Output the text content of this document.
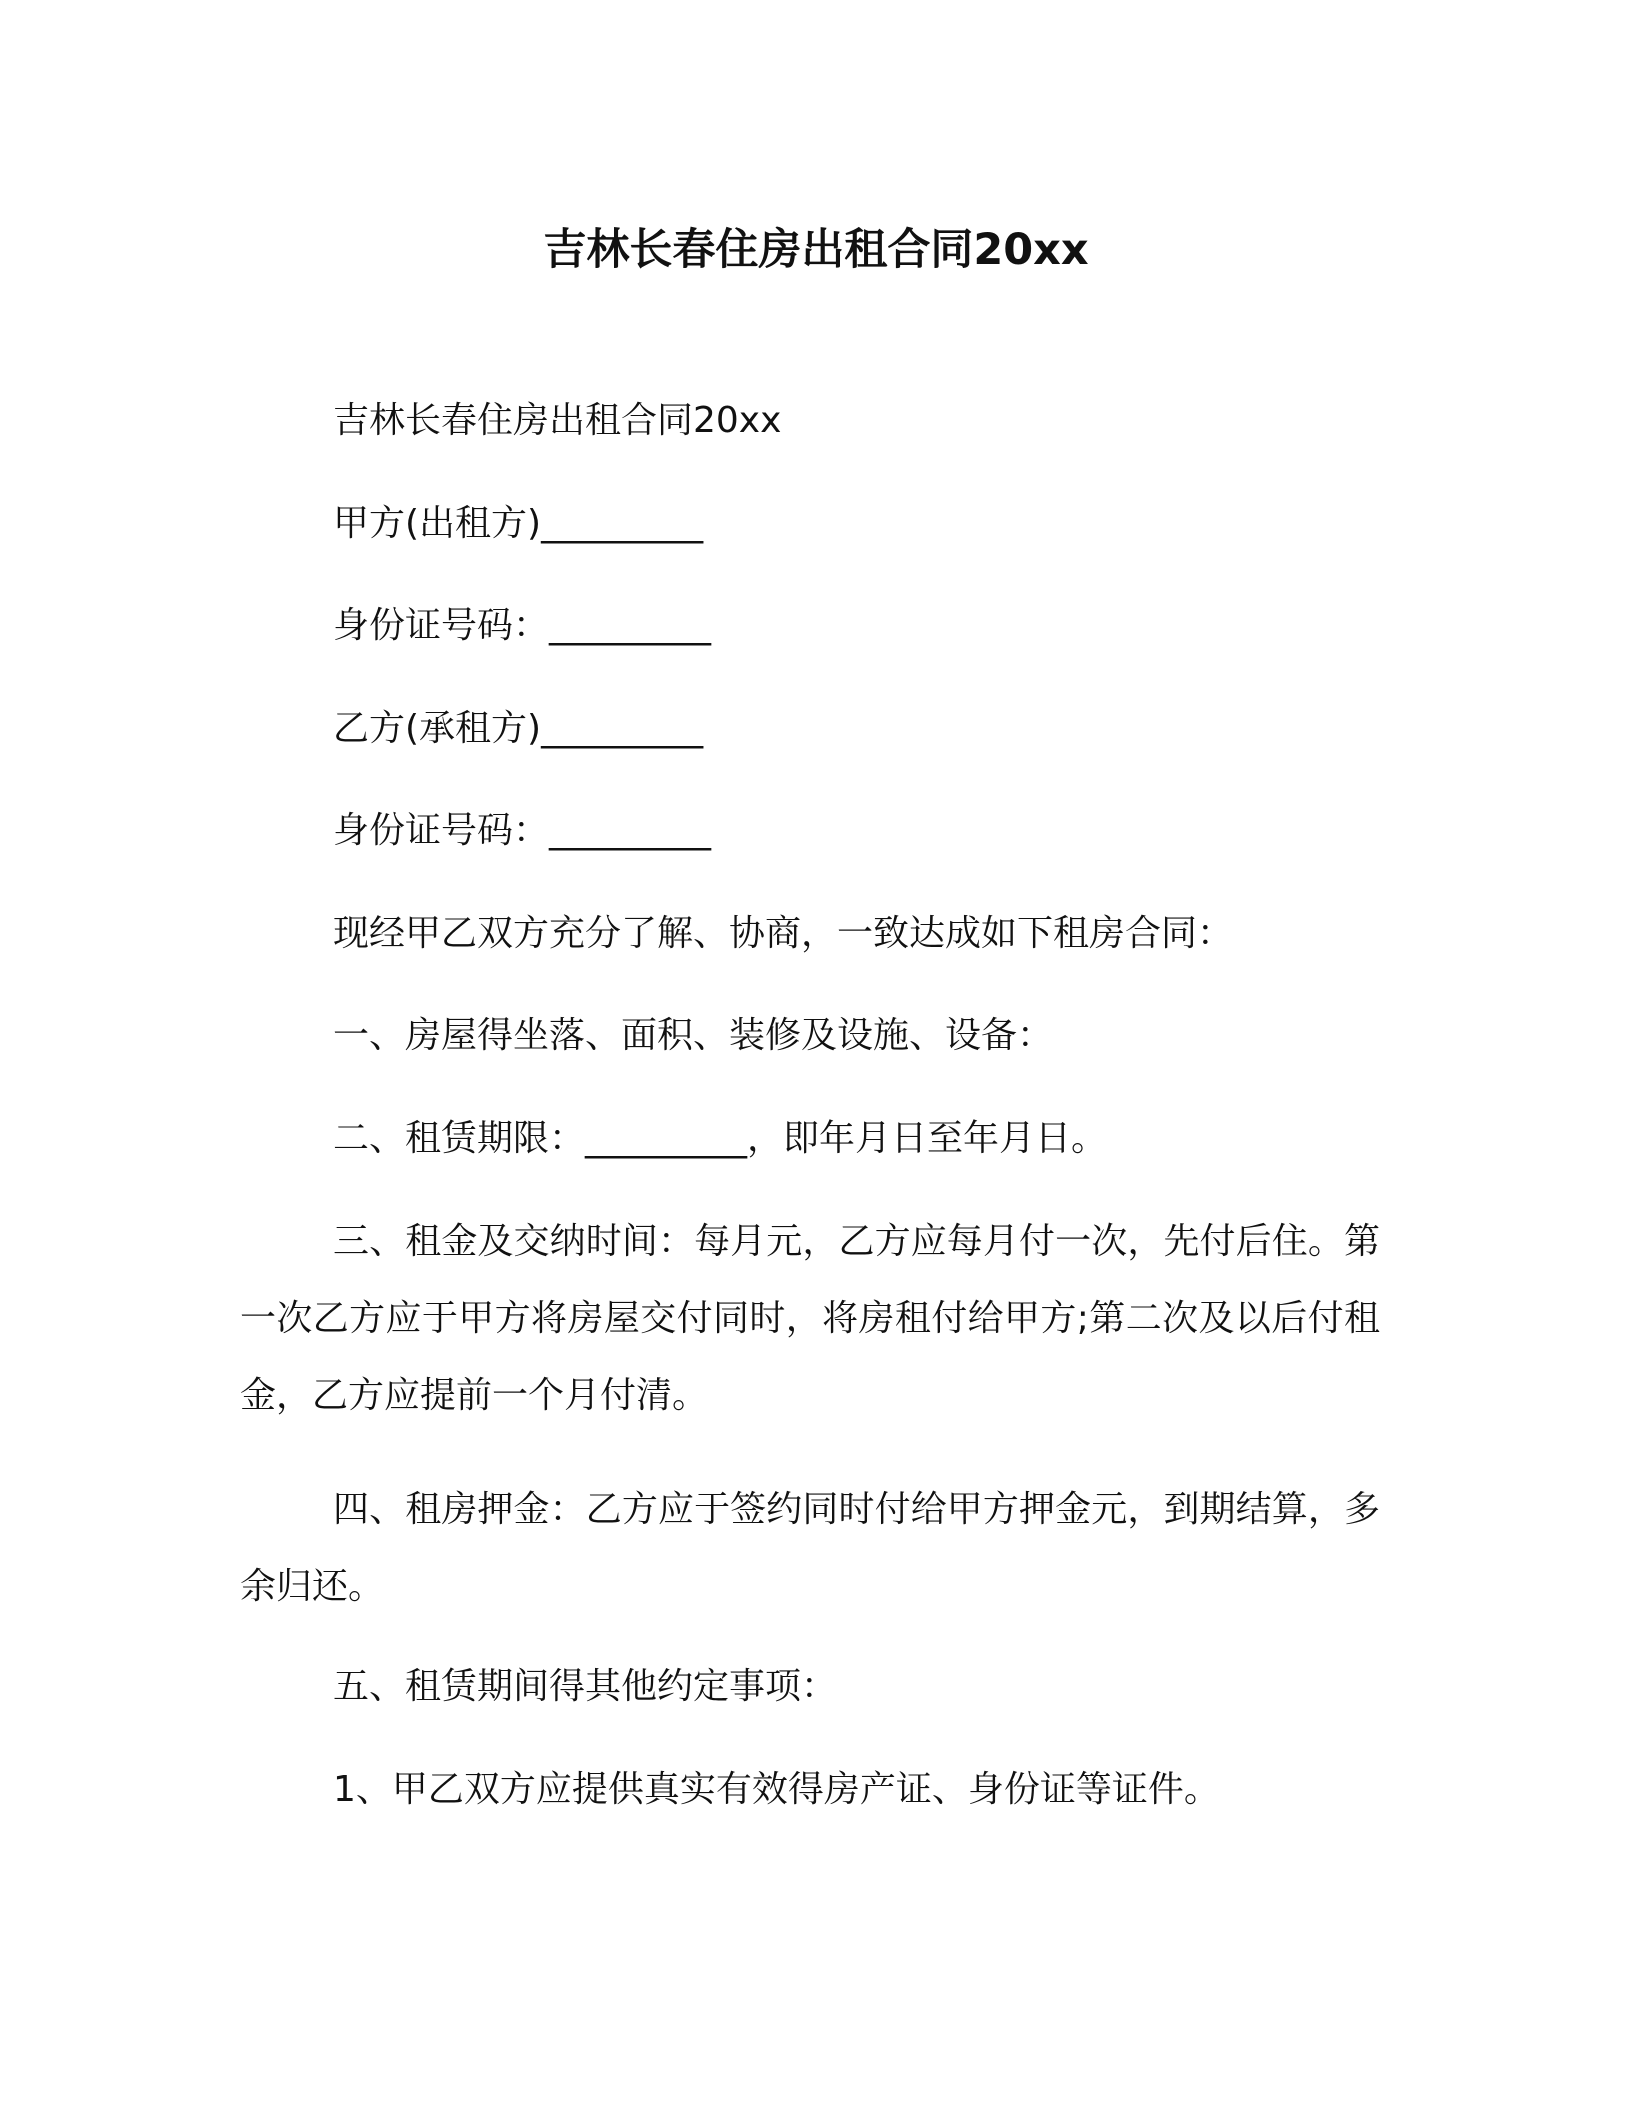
吉林长春住房出租合同20xx
吉林长春住房出租合同20xx
甲方(出租方)_________
身份证号码：_________
乙方(承租方)_________
身份证号码：_________
现经甲乙双方充分了解、协商，一致达成如下租房合同：
一、房屋得坐落、面积、装修及设施、设备：
二、租赁期限：_________，即年月日至年月日。
三、租金及交纳时间：每月元，乙方应每月付一次，先付后住。第一次乙方应于甲方将房屋交付同时，将房租付给甲方;第二次及以后付租金，乙方应提前一个月付清。
四、租房押金：乙方应于签约同时付给甲方押金元，到期结算，多余归还。
五、租赁期间得其他约定事项：
1、甲乙双方应提供真实有效得房产证、身份证等证件。
